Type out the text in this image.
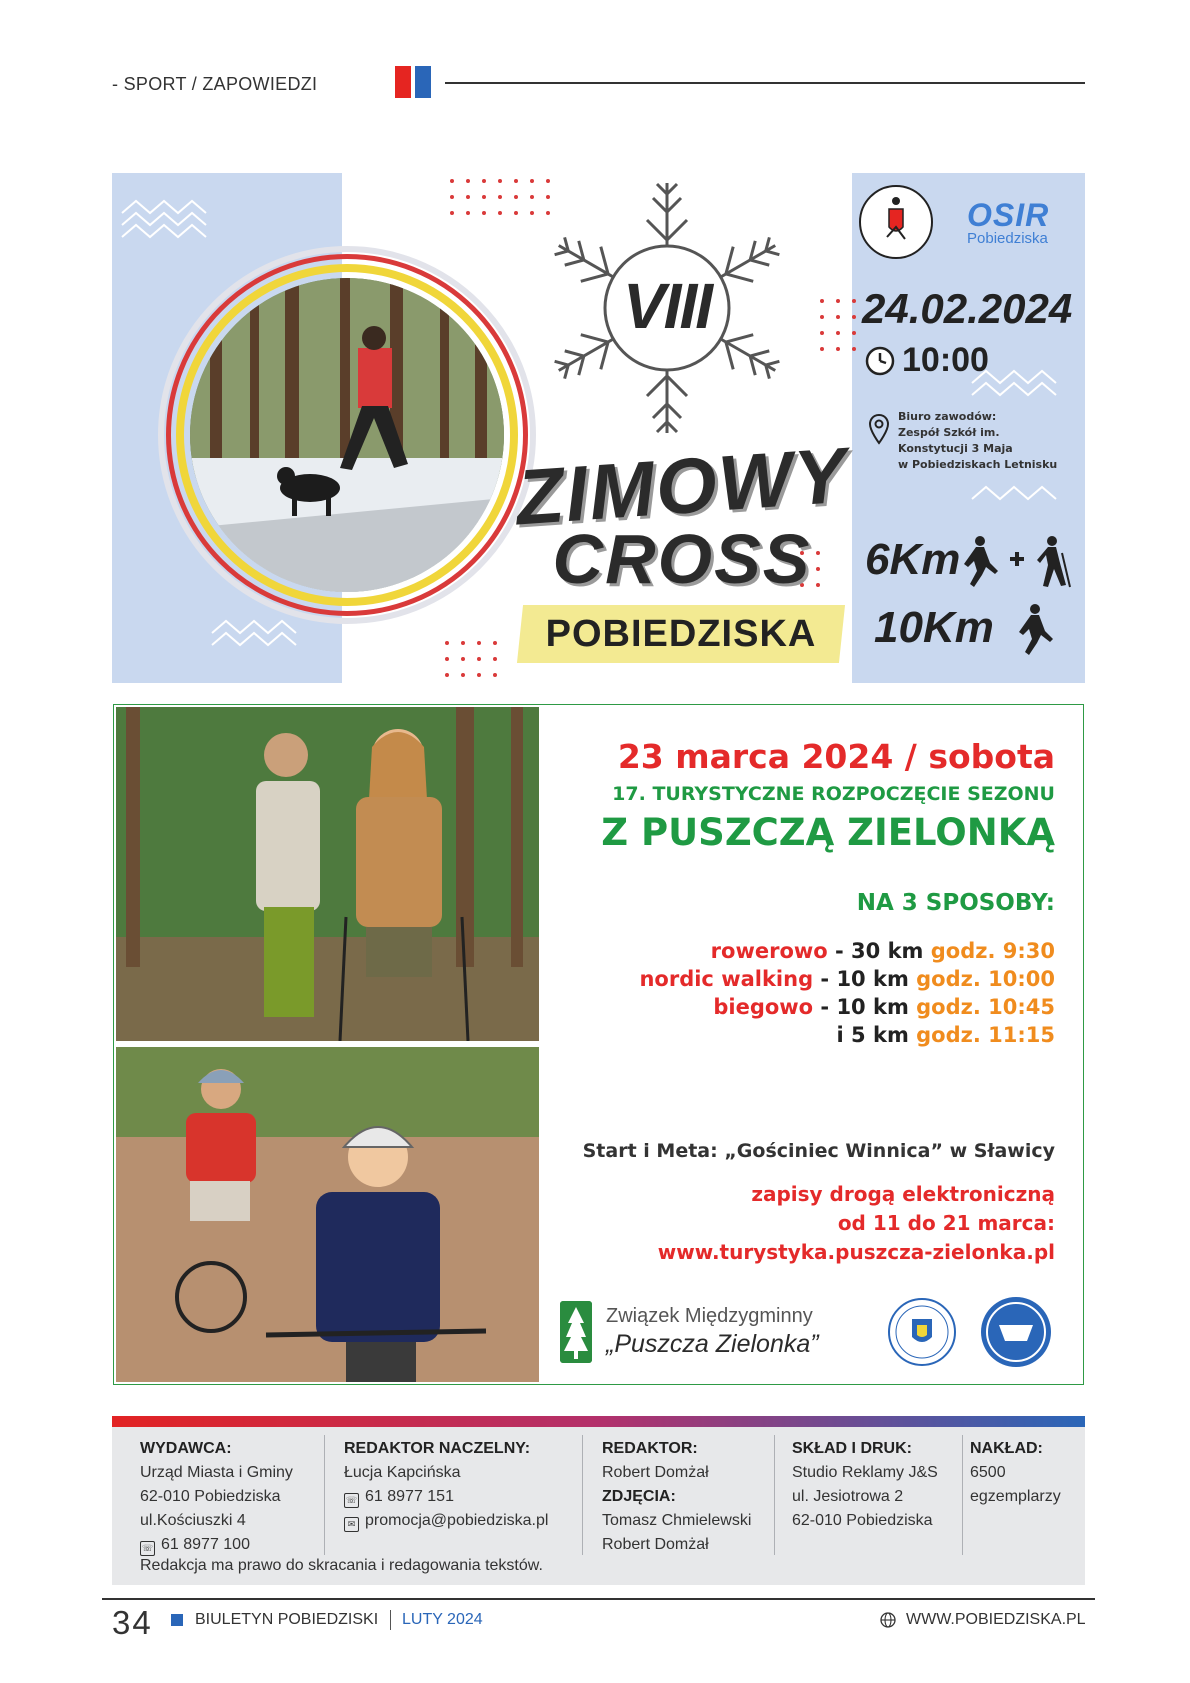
- SPORT / ZAPOWIEDZI
VIII
ZIMOWY
CROSS
POBIEDZISKA
OSIR
Pobiedziska
24.02.2024
10:00
Biuro zawodów:
Zespół Szkół im.
Konstytucji 3 Maja
w Pobiedziskach Letnisku
6Km
10Km
23 marca 2024 / sobota
17. TURYSTYCZNE ROZPOCZĘCIE SEZONU
Z PUSZCZĄ ZIELONKĄ
NA 3 SPOSOBY:
rowerowo - 30 km godz. 9:30
nordic walking - 10 km godz. 10:00
biegowo - 10 km godz. 10:45
i 5 km godz. 11:15
Start i Meta: „Gościniec Winnica” w Sławicy
zapisy drogą elektroniczną
od 11 do 21 marca:
www.turystyka.puszcza-zielonka.pl
Związek Międzygminny
„Puszcza Zielonka”
WYDAWCA:
Urząd Miasta i Gminy
62-010 Pobiedziska
ul.Kościuszki 4
☏ 61 8977 100
REDAKTOR NACZELNY:
Łucja Kapcińska
☏ 61 8977 151
✉ promocja@pobiedziska.pl
REDAKTOR:
Robert Domżał
ZDJĘCIA:
Tomasz Chmielewski
Robert Domżał
SKŁAD I DRUK:
Studio Reklamy J&S
ul. Jesiotrowa 2
62-010 Pobiedziska
NAKŁAD:
6500
egzemplarzy
Redakcja ma prawo do skracania i redagowania tekstów.
34	BIULETYN POBIEDZISKI LUTY 2024	WWW.POBIEDZISKA.PL
